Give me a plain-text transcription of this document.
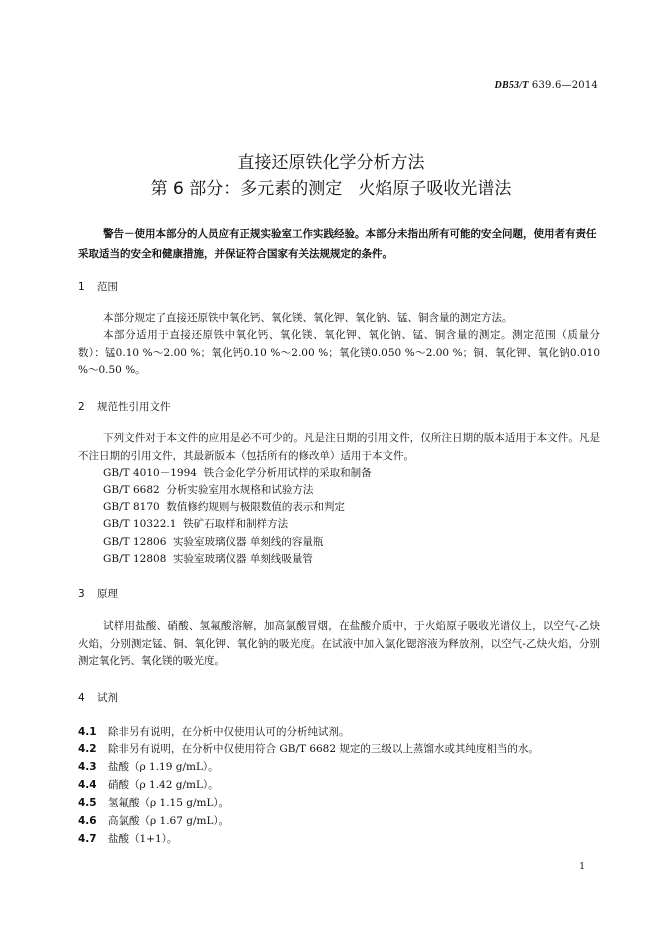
DB53/T 639.6—2014
直接还原铁化学分析方法
第 6 部分：多元素的测定   火焰原子吸收光谱法
警告－使用本部分的人员应有正规实验室工作实践经验。本部分未指出所有可能的安全问题，使用者有责任采取适当的安全和健康措施，并保证符合国家有关法规规定的条件。
1 范围
本部分规定了直接还原铁中氧化钙、氧化镁、氧化钾、氧化钠、锰、铜含量的测定方法。
本部分适用于直接还原铁中氧化钙、氧化镁、氧化钾、氧化钠、锰、铜含量的测定。测定范围（质量分数）：锰0.10 %～2.00 %；氧化钙0.10 %～2.00 %；氧化镁0.050 %～2.00 %；铜、氧化钾、氧化钠0.010 %～0.50 %。
2 规范性引用文件
下列文件对于本文件的应用是必不可少的。凡是注日期的引用文件，仅所注日期的版本适用于本文件。凡是不注日期的引用文件，其最新版本（包括所有的修改单）适用于本文件。
GB/T 4010－1994  铁合金化学分析用试样的采取和制备
GB/T 6682  分析实验室用水规格和试验方法
GB/T 8170  数值修约规则与极限数值的表示和判定
GB/T 10322.1  铁矿石取样和制样方法
GB/T 12806  实验室玻璃仪器 单刻线的容量瓶
GB/T 12808  实验室玻璃仪器 单刻线吸量管
3 原理
试样用盐酸、硝酸、氢氟酸溶解，加高氯酸冒烟，在盐酸介质中，于火焰原子吸收光谱仪上，以空气-乙炔火焰，分别测定锰、铜、氧化钾、氧化钠的吸光度。在试液中加入氯化锶溶液为释放剂，以空气-乙炔火焰，分别测定氧化钙、氧化镁的吸光度。
4 试剂
4.1 除非另有说明，在分析中仅使用认可的分析纯试剂。
4.2 除非另有说明，在分析中仅使用符合 GB/T 6682 规定的三级以上蒸馏水或其纯度相当的水。
4.3 盐酸（ρ 1.19 g/mL）。
4.4 硝酸（ρ 1.42 g/mL）。
4.5 氢氟酸（ρ 1.15 g/mL）。
4.6 高氯酸（ρ 1.67 g/mL）。
4.7 盐酸（1+1）。
1
